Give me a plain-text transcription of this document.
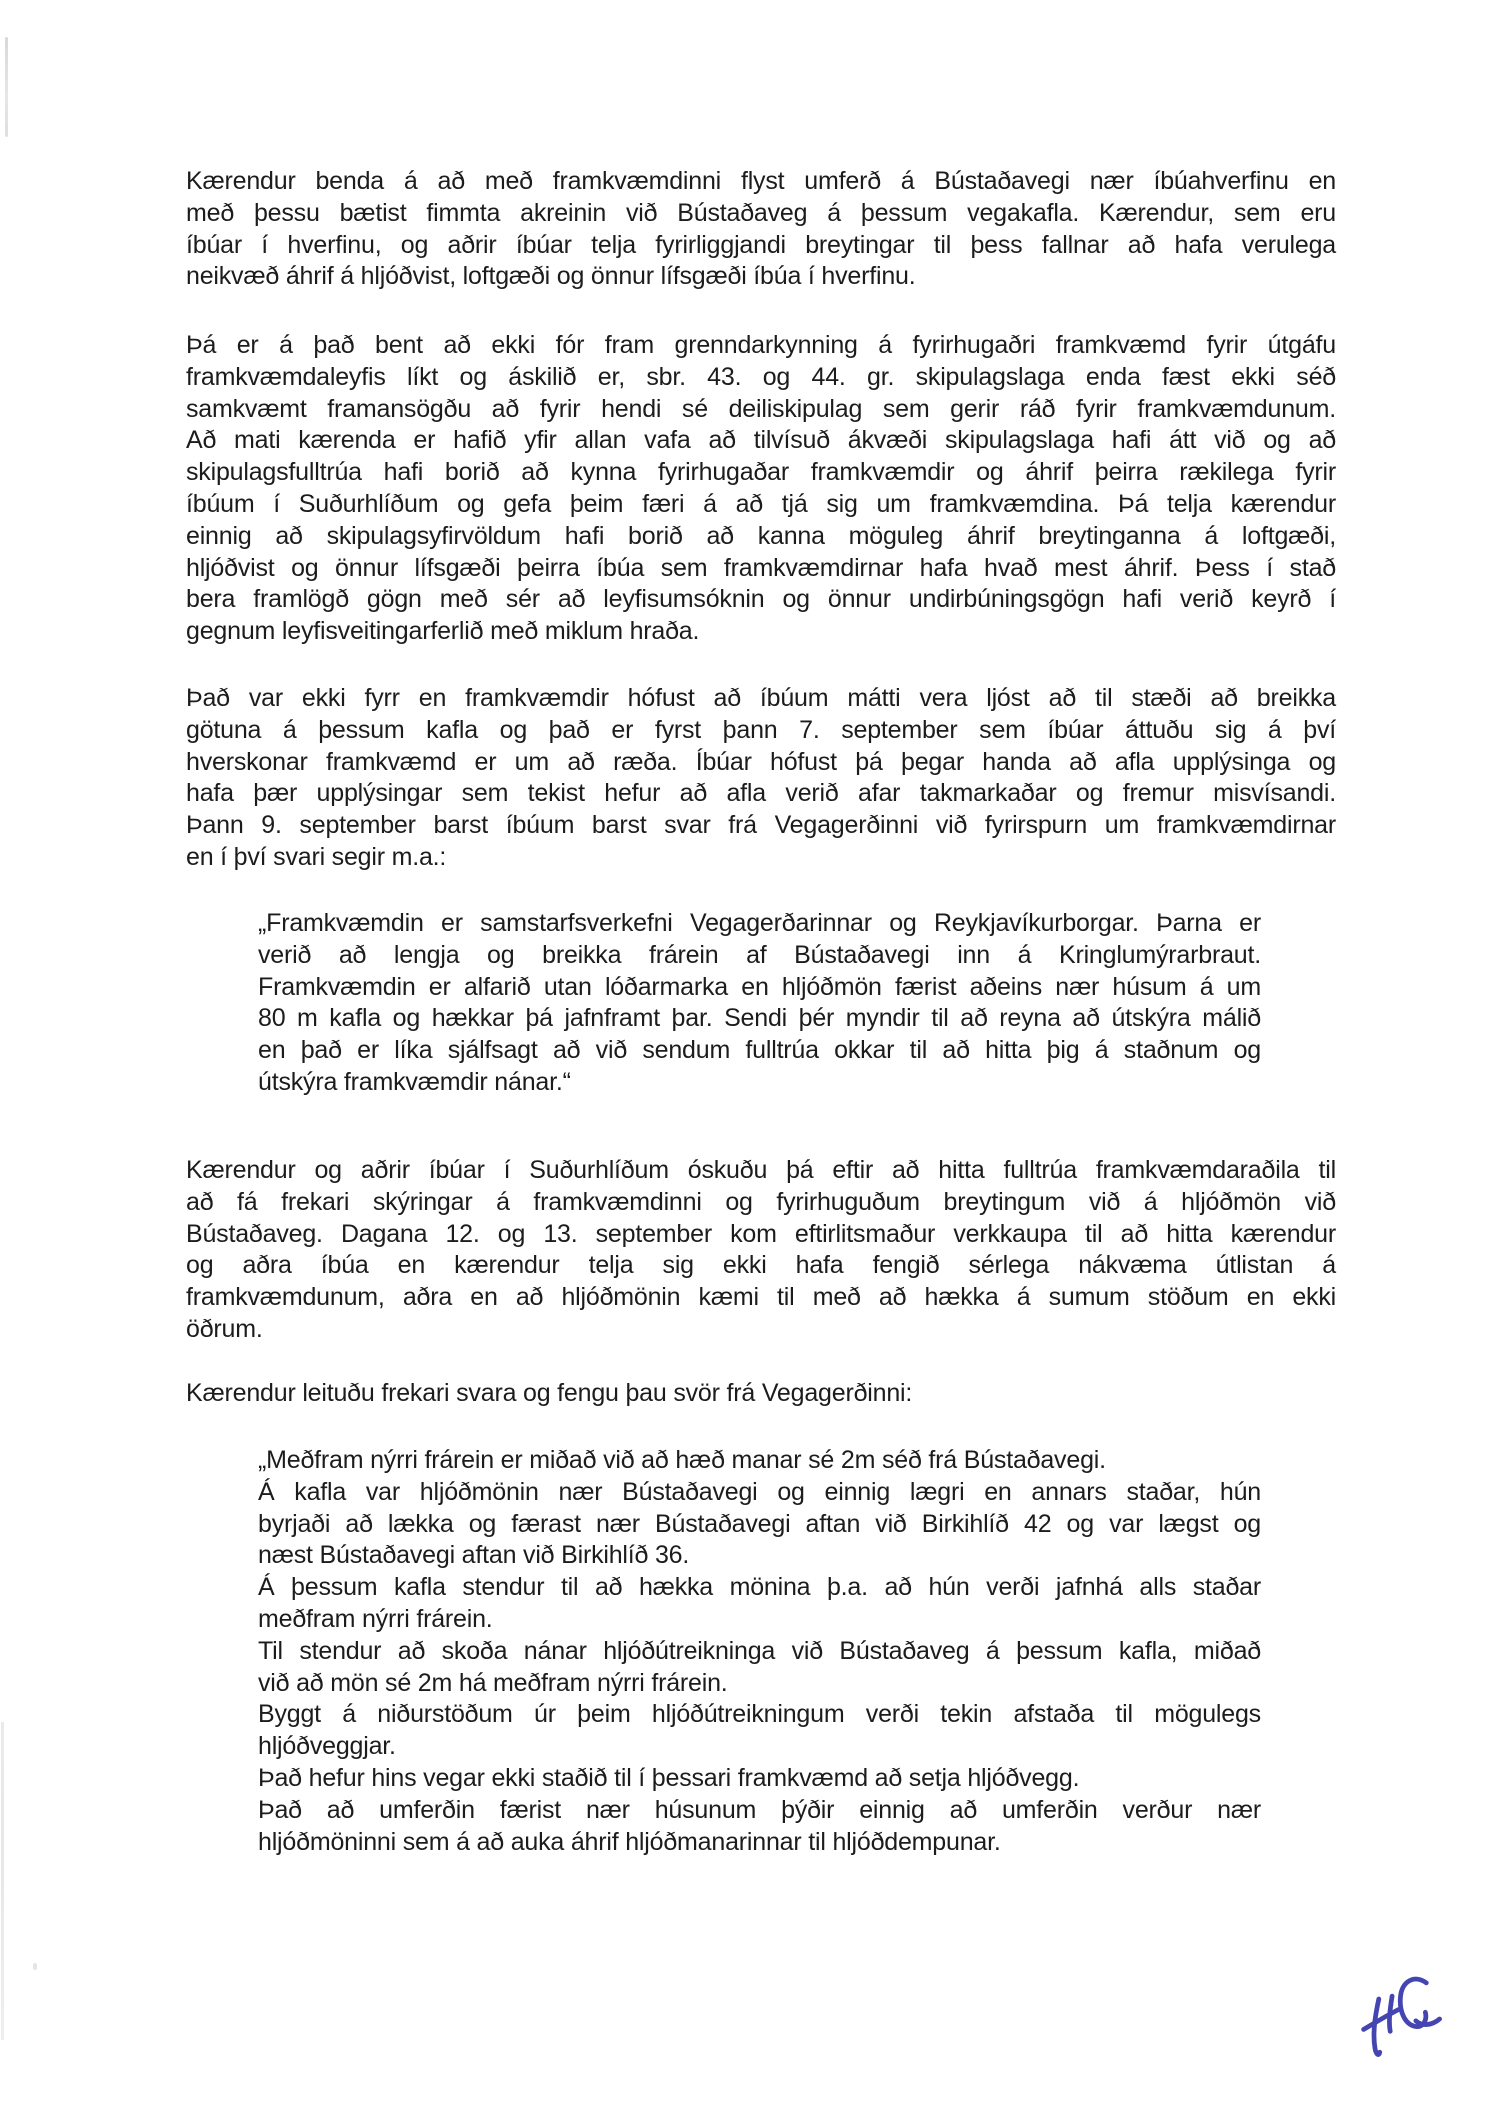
Kærendur benda á að með framkvæmdinni flyst umferð á Bústaðavegi nær íbúahverfinu en
með þessu bætist fimmta akreinin við Bústaðaveg á þessum vegakafla. Kærendur, sem eru
íbúar í hverfinu, og aðrir íbúar telja fyrirliggjandi breytingar til þess fallnar að hafa verulega
neikvæð áhrif á hljóðvist, loftgæði og önnur lífsgæði íbúa í hverfinu.
Þá er á það bent að ekki fór fram grenndarkynning á fyrirhugaðri framkvæmd fyrir útgáfu
framkvæmdaleyfis líkt og áskilið er, sbr. 43. og 44. gr. skipulagslaga enda fæst ekki séð
samkvæmt framansögðu að fyrir hendi sé deiliskipulag sem gerir ráð fyrir framkvæmdunum.
Að mati kærenda er hafið yfir allan vafa að tilvísuð ákvæði skipulagslaga hafi átt við og að
skipulagsfulltrúa hafi borið að kynna fyrirhugaðar framkvæmdir og áhrif þeirra rækilega fyrir
íbúum í Suðurhlíðum og gefa þeim færi á að tjá sig um framkvæmdina. Þá telja kærendur
einnig að skipulagsyfirvöldum hafi borið að kanna möguleg áhrif breytinganna á loftgæði,
hljóðvist og önnur lífsgæði þeirra íbúa sem framkvæmdirnar hafa hvað mest áhrif. Þess í stað
bera framlögð gögn með sér að leyfisumsóknin og önnur undirbúningsgögn hafi verið keyrð í
gegnum leyfisveitingarferlið með miklum hraða.
Það var ekki fyrr en framkvæmdir hófust að íbúum mátti vera ljóst að til stæði að breikka
götuna á þessum kafla og það er fyrst þann 7. september sem íbúar áttuðu sig á því
hverskonar framkvæmd er um að ræða. Íbúar hófust þá þegar handa að afla upplýsinga og
hafa þær upplýsingar sem tekist hefur að afla verið afar takmarkaðar og fremur misvísandi.
Þann 9. september barst íbúum barst svar frá Vegagerðinni við fyrirspurn um framkvæmdirnar
en í því svari segir m.a.:
„Framkvæmdin er samstarfsverkefni Vegagerðarinnar og Reykjavíkurborgar. Þarna er
verið að lengja og breikka frárein af Bústaðavegi inn á Kringlumýrarbraut.
Framkvæmdin er alfarið utan lóðarmarka en hljóðmön færist aðeins nær húsum á um
80 m kafla og hækkar þá jafnframt þar. Sendi þér myndir til að reyna að útskýra málið
en það er líka sjálfsagt að við sendum fulltrúa okkar til að hitta þig á staðnum og
útskýra framkvæmdir nánar.“
Kærendur og aðrir íbúar í Suðurhlíðum óskuðu þá eftir að hitta fulltrúa framkvæmdaraðila til
að fá frekari skýringar á framkvæmdinni og fyrirhuguðum breytingum við á hljóðmön við
Bústaðaveg. Dagana 12. og 13. september kom eftirlitsmaður verkkaupa til að hitta kærendur
og aðra íbúa en kærendur telja sig ekki hafa fengið sérlega nákvæma útlistan á
framkvæmdunum, aðra en að hljóðmönin kæmi til með að hækka á sumum stöðum en ekki
öðrum.
Kærendur leituðu frekari svara og fengu þau svör frá Vegagerðinni:
„Meðfram nýrri frárein er miðað við að hæð manar sé 2m séð frá Bústaðavegi.
Á kafla var hljóðmönin nær Bústaðavegi og einnig lægri en annars staðar, hún
byrjaði að lækka og færast nær Bústaðavegi aftan við Birkihlíð 42 og var lægst og
næst Bústaðavegi aftan við Birkihlíð 36.
Á þessum kafla stendur til að hækka mönina þ.a. að hún verði jafnhá alls staðar
meðfram nýrri frárein.
Til stendur að skoða nánar hljóðútreikninga við Bústaðaveg á þessum kafla, miðað
við að mön sé 2m há meðfram nýrri frárein.
Byggt á niðurstöðum úr þeim hljóðútreikningum verði tekin afstaða til mögulegs
hljóðveggjar.
Það hefur hins vegar ekki staðið til í þessari framkvæmd að setja hljóðvegg.
Það að umferðin færist nær húsunum þýðir einnig að umferðin verður nær
hljóðmöninni sem á að auka áhrif hljóðmanarinnar til hljóðdempunar.
